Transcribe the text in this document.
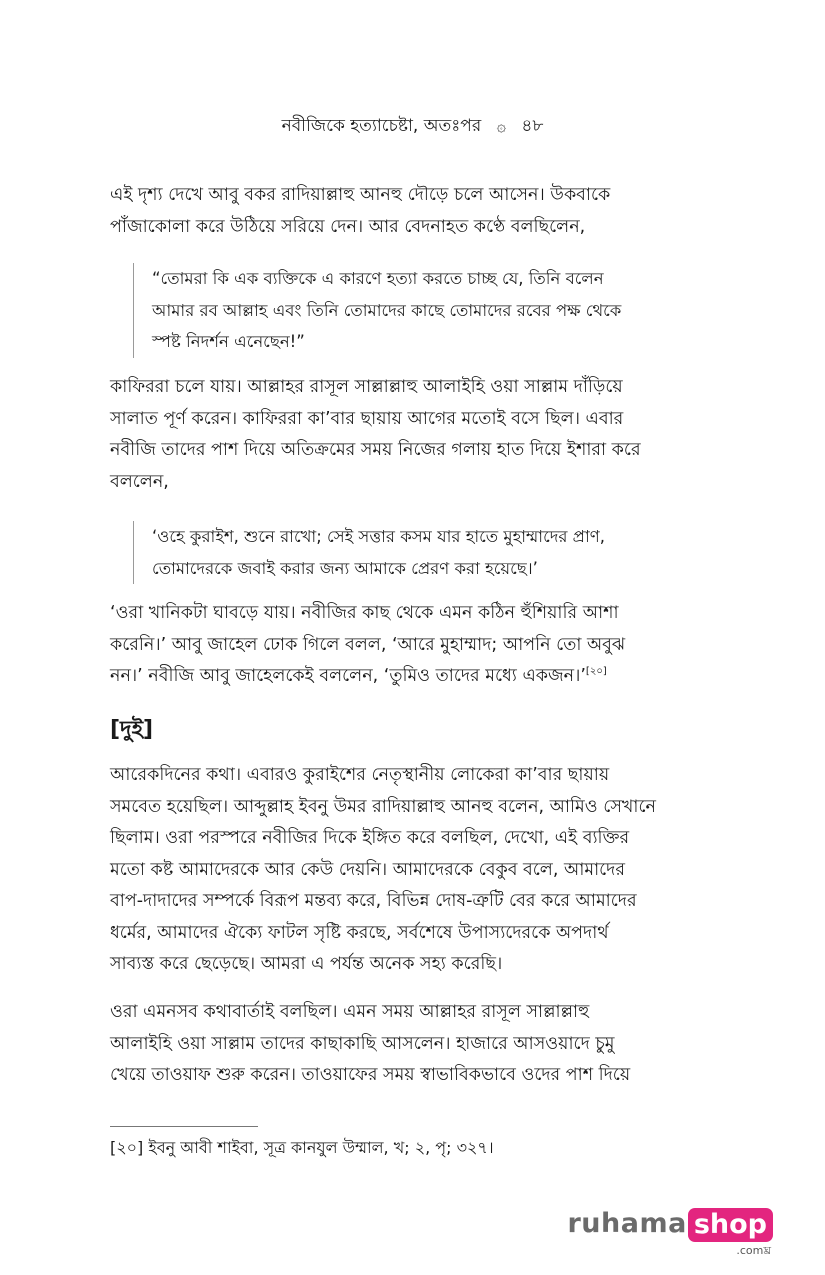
নবীজিকে হত্যাচেষ্টা, অতঃপর ۞ ৪৮
এই দৃশ্য দেখে আবু বকর রাদিয়াল্লাহু আনহু দৌড়ে চলে আসেন। উকবাকে
পাঁজাকোলা করে উঠিয়ে সরিয়ে দেন। আর বেদনাহত কণ্ঠে বলছিলেন,
“তোমরা কি এক ব্যক্তিকে এ কারণে হত্যা করতে চাচ্ছ যে, তিনি বলেন
আমার রব আল্লাহ এবং তিনি তোমাদের কাছে তোমাদের রবের পক্ষ থেকে
স্পষ্ট নিদর্শন এনেছেন!”
কাফিররা চলে যায়। আল্লাহর রাসূল সাল্লাল্লাহু আলাইহি ওয়া সাল্লাম দাঁড়িয়ে
সালাত পূর্ণ করেন। কাফিররা কা’বার ছায়ায় আগের মতোই বসে ছিল। এবার
নবীজি তাদের পাশ দিয়ে অতিক্রমের সময় নিজের গলায় হাত দিয়ে ইশারা করে
বললেন,
‘ওহে কুরাইশ, শুনে রাখো; সেই সত্তার কসম যার হাতে মুহাম্মাদের প্রাণ,
তোমাদেরকে জবাই করার জন্য আমাকে প্রেরণ করা হয়েছে।’
‘ওরা খানিকটা ঘাবড়ে যায়। নবীজির কাছ থেকে এমন কঠিন হুঁশিয়ারি আশা
করেনি।’ আবু জাহেল ঢোক গিলে বলল, ‘আরে মুহাম্মাদ; আপনি তো অবুঝ
নন।’ নবীজি আবু জাহেলকেই বললেন, ‘তুমিও তাদের মধ্যে একজন।’[২০]
[দুই]
আরেকদিনের কথা। এবারও কুরাইশের নেতৃস্থানীয় লোকেরা কা’বার ছায়ায়
সমবেত হয়েছিল। আব্দুল্লাহ ইবনু উমর রাদিয়াল্লাহু আনহু বলেন, আমিও সেখানে
ছিলাম। ওরা পরস্পরে নবীজির দিকে ইঙ্গিত করে বলছিল, দেখো, এই ব্যক্তির
মতো কষ্ট আমাদেরকে আর কেউ দেয়নি। আমাদেরকে বেকুব বলে, আমাদের
বাপ-দাদাদের সম্পর্কে বিরূপ মন্তব্য করে, বিভিন্ন দোষ-ত্রুটি বের করে আমাদের
ধর্মের, আমাদের ঐক্যে ফাটল সৃষ্টি করছে, সর্বশেষে উপাস্যদেরকে অপদার্থ
সাব্যস্ত করে ছেড়েছে। আমরা এ পর্যন্ত অনেক সহ্য করেছি।
ওরা এমনসব কথাবার্তাই বলছিল। এমন সময় আল্লাহর রাসূল সাল্লাল্লাহু
আলাইহি ওয়া সাল্লাম তাদের কাছাকাছি আসলেন। হাজারে আসওয়াদে চুমু
খেয়ে তাওয়াফ শুরু করেন। তাওয়াফের সময় স্বাভাবিকভাবে ওদের পাশ দিয়ে
[২০] ইবনু আবী শাইবা, সূত্র কানযুল উম্মাল, খ; ২, পৃ; ৩২৭।
ruhama shop
.comঘ্র
